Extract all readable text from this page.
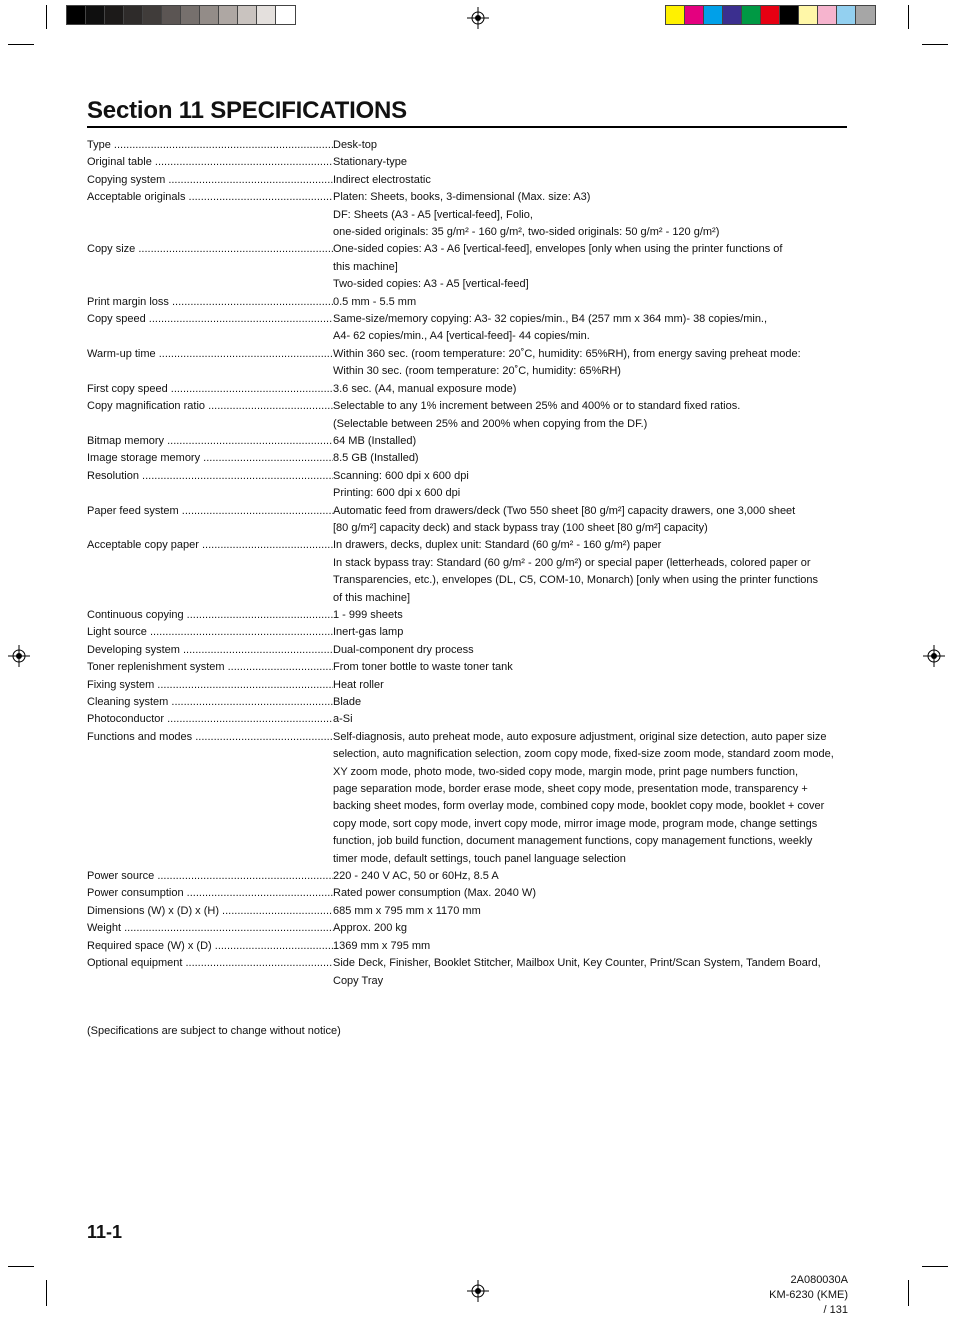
Section 11 SPECIFICATIONS
Type .....	Desk-top
Original table .....	Stationary-type
Copying system .....	Indirect electrostatic
Acceptable originals .....	Platen: Sheets, books, 3-dimensional (Max. size: A3)
DF: Sheets (A3 - A5 [vertical-feed], Folio,
one-sided originals: 35 g/m² - 160 g/m², two-sided originals: 50 g/m² - 120 g/m²)
Copy size .....	One-sided copies: A3 - A6 [vertical-feed], envelopes [only when using the printer functions of
this machine]
Two-sided copies: A3 - A5 [vertical-feed]
Print margin loss .....	0.5 mm - 5.5 mm
Copy speed .....	Same-size/memory copying: A3- 32 copies/min., B4 (257 mm x 364 mm)- 38 copies/min.,
A4- 62 copies/min., A4 [vertical-feed]- 44 copies/min.
Warm-up time .....	Within 360 sec. (room temperature: 20˚C, humidity: 65%RH), from energy saving preheat mode:
Within 30 sec. (room temperature: 20˚C, humidity: 65%RH)
First copy speed .....	3.6 sec. (A4, manual exposure mode)
Copy magnification ratio .....	Selectable to any 1% increment between 25% and 400% or to standard fixed ratios.
(Selectable between 25% and 200% when copying from the DF.)
Bitmap memory .....	64 MB (Installed)
Image storage memory .....	8.5 GB (Installed)
Resolution .....	Scanning: 600 dpi x 600 dpi
Printing: 600 dpi x 600 dpi
Paper feed system .....	Automatic feed from drawers/deck (Two 550 sheet [80 g/m²] capacity drawers, one 3,000 sheet
[80 g/m²] capacity deck) and stack bypass tray (100 sheet [80 g/m²] capacity)
Acceptable copy paper .....	In drawers, decks, duplex unit: Standard (60 g/m² - 160 g/m²) paper
In stack bypass tray: Standard (60 g/m² - 200 g/m²) or special paper (letterheads, colored paper or
Transparencies, etc.), envelopes (DL, C5, COM-10, Monarch) [only when using the printer functions
of this machine]
Continuous copying .....	1 - 999 sheets
Light source .....	Inert-gas lamp
Developing system .....	Dual-component dry process
Toner replenishment system .....	From toner bottle to waste toner tank
Fixing system .....	Heat roller
Cleaning system .....	Blade
Photoconductor .....	a-Si
Functions and modes .....	Self-diagnosis, auto preheat mode, auto exposure adjustment, original size detection, auto paper size
selection, auto magnification selection, zoom copy mode, fixed-size zoom mode, standard zoom mode,
XY zoom mode, photo mode, two-sided copy mode, margin mode, print page numbers function,
page separation mode, border erase mode, sheet copy mode, presentation mode, transparency +
backing sheet modes, form overlay mode, combined copy mode, booklet copy mode, booklet + cover
copy mode, sort copy mode, invert copy mode, mirror image mode, program mode, change settings
function, job build function, document management functions, copy management functions, weekly
timer mode, default settings, touch panel language selection
Power source .....	220 - 240 V AC, 50 or 60Hz, 8.5 A
Power consumption .....	Rated power consumption (Max. 2040 W)
Dimensions (W) x (D) x (H) .....	685 mm x 795 mm x 1170 mm
Weight .....	Approx. 200 kg
Required space (W) x (D) .....	1369 mm x 795 mm
Optional equipment .....	Side Deck, Finisher, Booklet Stitcher, Mailbox Unit, Key Counter, Print/Scan System, Tandem Board,
Copy Tray
(Specifications are subject to change without notice)
11-1
2A080030A
KM-6230 (KME)
/ 131
